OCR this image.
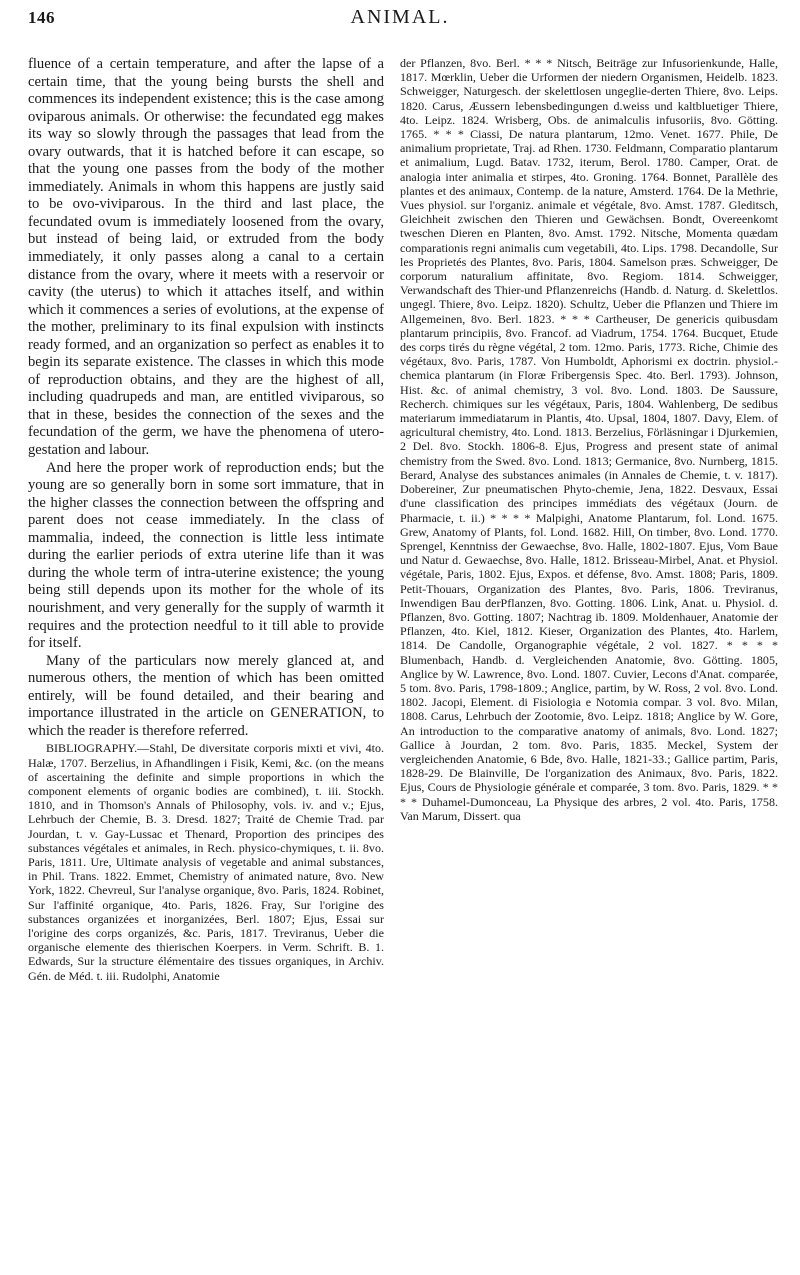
146	ANIMAL.

fluence of a certain temperature, and after the lapse of a certain time, that the young being bursts the shell and commences its independent existence; this is the case among oviparous animals. Or otherwise: the fecundated egg makes its way so slowly through the passages that lead from the ovary outwards, that it is hatched before it can escape, so that the young one passes from the body of the mother immediately. Animals in whom this happens are justly said to be ovo-viviparous. In the third and last place, the fecundated ovum is immediately loosened from the ovary, but instead of being laid, or extruded from the body immediately, it only passes along a canal to a certain distance from the ovary, where it meets with a reservoir or cavity (the uterus) to which it attaches itself, and within which it commences a series of evolutions, at the expense of the mother, preliminary to its final expulsion with instincts ready formed, and an organization so perfect as enables it to begin its separate existence. The classes in which this mode of reproduction obtains, and they are the highest of all, including quadrupeds and man, are entitled viviparous, so that in these, besides the connection of the sexes and the fecundation of the germ, we have the phenomena of utero-gestation and labour.

And here the proper work of reproduction ends; but the young are so generally born in some sort immature, that in the higher classes the connection between the offspring and parent does not cease immediately. In the class of mammalia, indeed, the connection is little less intimate during the earlier periods of extra uterine life than it was during the whole term of intra-uterine existence; the young being still depends upon its mother for the whole of its nourishment, and very generally for the supply of warmth it requires and the protection needful to it till able to provide for itself.

Many of the particulars now merely glanced at, and numerous others, the mention of which has been omitted entirely, will be found detailed, and their bearing and importance illustrated in the article on GENERATION, to which the reader is therefore referred.

BIBLIOGRAPHY.—Stahl, De diversitate corporis mixti et vivi, 4to. Halæ, 1707. Berzelius, in Afhandlingen i Fisik, Kemi, &c. (on the means of ascertaining the definite and simple proportions in which the component elements of organic bodies are combined), t. iii. Stockh. 1810, and in Thomson's Annals of Philosophy, vols. iv. and v.; Ejus, Lehrbuch der Chemie, B. 3. Dresd. 1827; Traité de Chemie Trad. par Jourdan, t. v. Gay-Lussac et Thenard, Proportion des principes des substances végétales et animales, in Rech. physico-chymiques, t. ii. 8vo. Paris, 1811. Ure, Ultimate analysis of vegetable and animal substances, in Phil. Trans. 1822. Emmet, Chemistry of animated nature, 8vo. New York, 1822. Chevreul, Sur l'analyse organique, 8vo. Paris, 1824. Robinet, Sur l'affinité organique, 4to. Paris, 1826. Fray, Sur l'origine des substances organizées et inorganizées, Berl. 1807; Ejus, Essai sur l'origine des corps organizés, &c. Paris, 1817. Treviranus, Ueber die organische elemente des thierischen Koerpers. in Verm. Schrift. B. 1. Edwards, Sur la structure élémentaire des tissues organiques, in Archiv. Gén. de Méd. t. iii. Rudolphi, Anatomie

der Pflanzen, 8vo. Berl. * * * Nitsch, Beiträge zur Infusorienkunde, Halle, 1817. Mœrklin, Ueber die Urformen der niedern Organismen, Heidelb. 1823. Schweigger, Naturgesch. der skelettlosen ungeglie-derten Thiere, 8vo. Leips. 1820. Carus, Æussern lebensbedingungen d.weiss und kaltbluetiger Thiere, 4to. Leipz. 1824. Wrisberg, Obs. de animalculis infusoriis, 8vo. Götting. 1765. * * * Ciassi, De natura plantarum, 12mo. Venet. 1677. Phile, De animalium proprietate, Traj. ad Rhen. 1730. Feldmann, Comparatio plantarum et animalium, Lugd. Batav. 1732, iterum, Berol. 1780. Camper, Orat. de analogia inter animalia et stirpes, 4to. Groning. 1764. Bonnet, Parallèle des plantes et des animaux, Contemp. de la nature, Amsterd. 1764. De la Methrie, Vues physiol. sur l'organiz. animale et végétale, 8vo. Amst. 1787. Gleditsch, Gleichheit zwischen den Thieren und Gewächsen. Bondt, Overeenkomt tweschen Dieren en Planten, 8vo. Amst. 1792. Nitsche, Momenta quædam comparationis regni animalis cum vegetabili, 4to. Lips. 1798. Decandolle, Sur les Proprietés des Plantes, 8vo. Paris, 1804. Samelson præs. Schweigger, De corporum naturalium affinitate, 8vo. Regiom. 1814. Schweigger, Verwandschaft des Thier-und Pflanzenreichs (Handb. d. Naturg. d. Skelettlos. ungegl. Thiere, 8vo. Leipz. 1820). Schultz, Ueber die Pflanzen und Thiere im Allgemeinen, 8vo. Berl. 1823. * * * Cartheuser, De genericis quibusdam plantarum principiis, 8vo. Francof. ad Viadrum, 1754. 1764. Bucquet, Etude des corps tirés du règne végétal, 2 tom. 12mo. Paris, 1773. Riche, Chimie des végétaux, 8vo. Paris, 1787. Von Humboldt, Aphorismi ex doctrin. physiol.-chemica plantarum (in Floræ Fribergensis Spec. 4to. Berl. 1793). Johnson, Hist. &c. of animal chemistry, 3 vol. 8vo. Lond. 1803. De Saussure, Recherch. chimiques sur les végétaux, Paris, 1804. Wahlenberg, De sedibus materiarum immediatarum in Plantis, 4to. Upsal, 1804, 1807. Davy, Elem. of agricultural chemistry, 4to. Lond. 1813. Berzelius, Förläsningar i Djurkemien, 2 Del. 8vo. Stockh. 1806-8. Ejus, Progress and present state of animal chemistry from the Swed. 8vo. Lond. 1813; Germanice, 8vo. Nurnberg, 1815. Berard, Analyse des substances animales (in Annales de Chemie, t. v. 1817). Dobereiner, Zur pneumatischen Phyto-chemie, Jena, 1822. Desvaux, Essai d'une classification des principes immédiats des végétaux (Journ. de Pharmacie, t. ii.) * * * * Malpighi, Anatome Plantarum, fol. Lond. 1675. Grew, Anatomy of Plants, fol. Lond. 1682. Hill, On timber, 8vo. Lond. 1770. Sprengel, Kenntniss der Gewaechse, 8vo. Halle, 1802-1807. Ejus, Vom Baue und Natur d. Gewaechse, 8vo. Halle, 1812. Brisseau-Mirbel, Anat. et Physiol. végétale, Paris, 1802. Ejus, Expos. et défense, 8vo. Amst. 1808; Paris, 1809. Petit-Thouars, Organization des Plantes, 8vo. Paris, 1806. Treviranus, Inwendigen Bau derPflanzen, 8vo. Gotting. 1806. Link, Anat. u. Physiol. d. Pflanzen, 8vo. Gotting. 1807; Nachtrag ib. 1809. Moldenhauer, Anatomie der Pflanzen, 4to. Kiel, 1812. Kieser, Organization des Plantes, 4to. Harlem, 1814. De Candolle, Organographie végétale, 2 vol. 1827. * * * * Blumenbach, Handb. d. Vergleichenden Anatomie, 8vo. Götting. 1805, Anglice by W. Lawrence, 8vo. Lond. 1807. Cuvier, Lecons d'Anat. comparée, 5 tom. 8vo. Paris, 1798-1809.; Anglice, partim, by W. Ross, 2 vol. 8vo. Lond. 1802. Jacopi, Element. di Fisiologia e Notomia compar. 3 vol. 8vo. Milan, 1808. Carus, Lehrbuch der Zootomie, 8vo. Leipz. 1818; Anglice by W. Gore, An introduction to the comparative anatomy of animals, 8vo. Lond. 1827; Gallice à Jourdan, 2 tom. 8vo. Paris, 1835. Meckel, System der vergleichenden Anatomie, 6 Bde, 8vo. Halle, 1821-33.; Gallice partim, Paris, 1828-29. De Blainville, De l'organization des Animaux, 8vo. Paris, 1822. Ejus, Cours de Physiologie générale et comparée, 3 tom. 8vo. Paris, 1829. * * * * Duhamel-Dumonceau, La Physique des arbres, 2 vol. 4to. Paris, 1758. Van Marum, Dissert. qua
